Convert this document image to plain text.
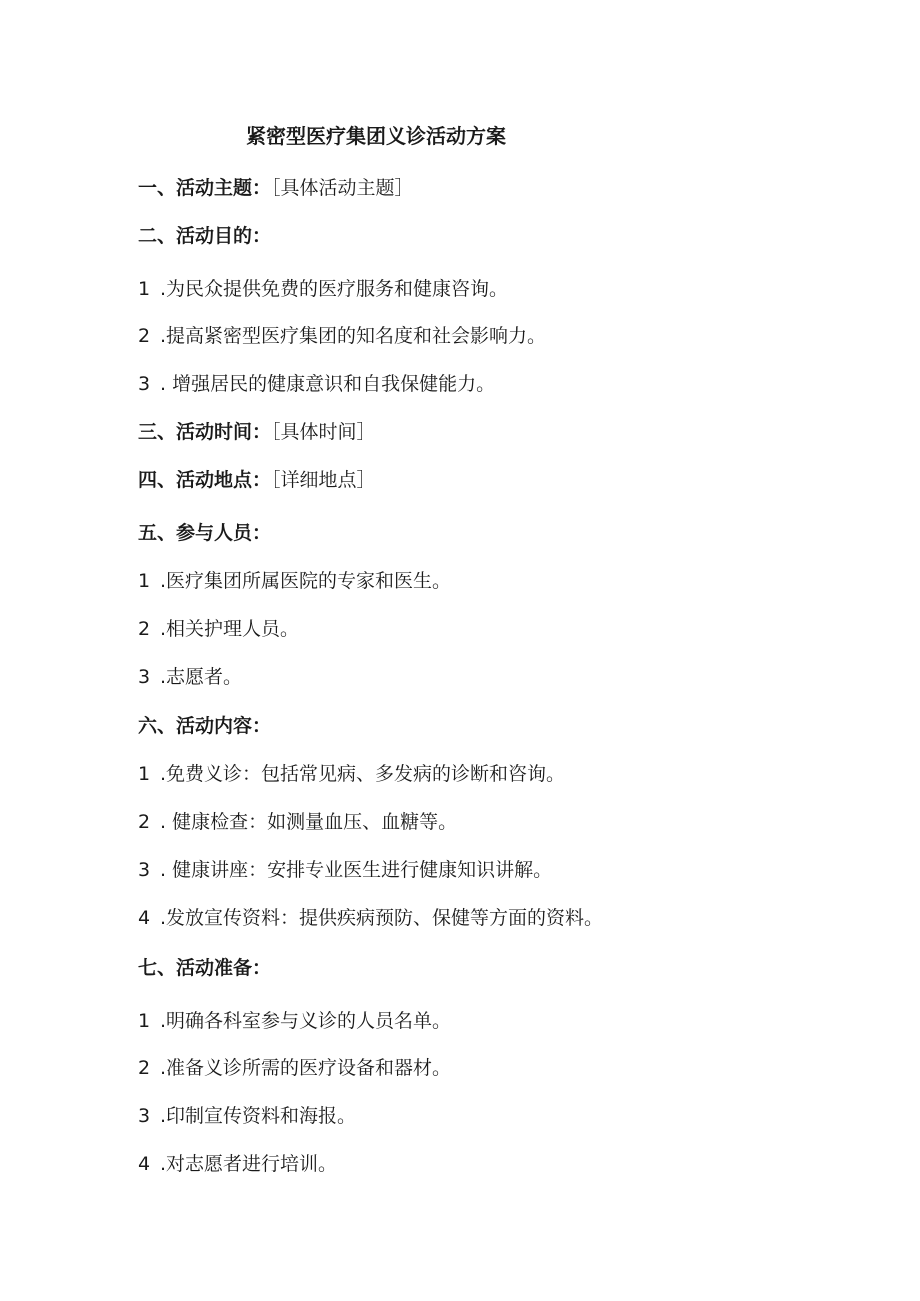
紧密型医疗集团义诊活动方案
一、活动主题：［具体活动主题］
二、活动目的：
1 .为民众提供免费的医疗服务和健康咨询。
2 .提高紧密型医疗集团的知名度和社会影响力。
3 . 增强居民的健康意识和自我保健能力。
三、活动时间：［具体时间］
四、活动地点：［详细地点］
五、参与人员：
1 .医疗集团所属医院的专家和医生。
2 .相关护理人员。
3 .志愿者。
六、活动内容：
1 .免费义诊：包括常见病、多发病的诊断和咨询。
2 . 健康检查：如测量血压、血糖等。
3 . 健康讲座：安排专业医生进行健康知识讲解。
4 .发放宣传资料：提供疾病预防、保健等方面的资料。
七、活动准备：
1 .明确各科室参与义诊的人员名单。
2 .准备义诊所需的医疗设备和器材。
3 .印制宣传资料和海报。
4 .对志愿者进行培训。
